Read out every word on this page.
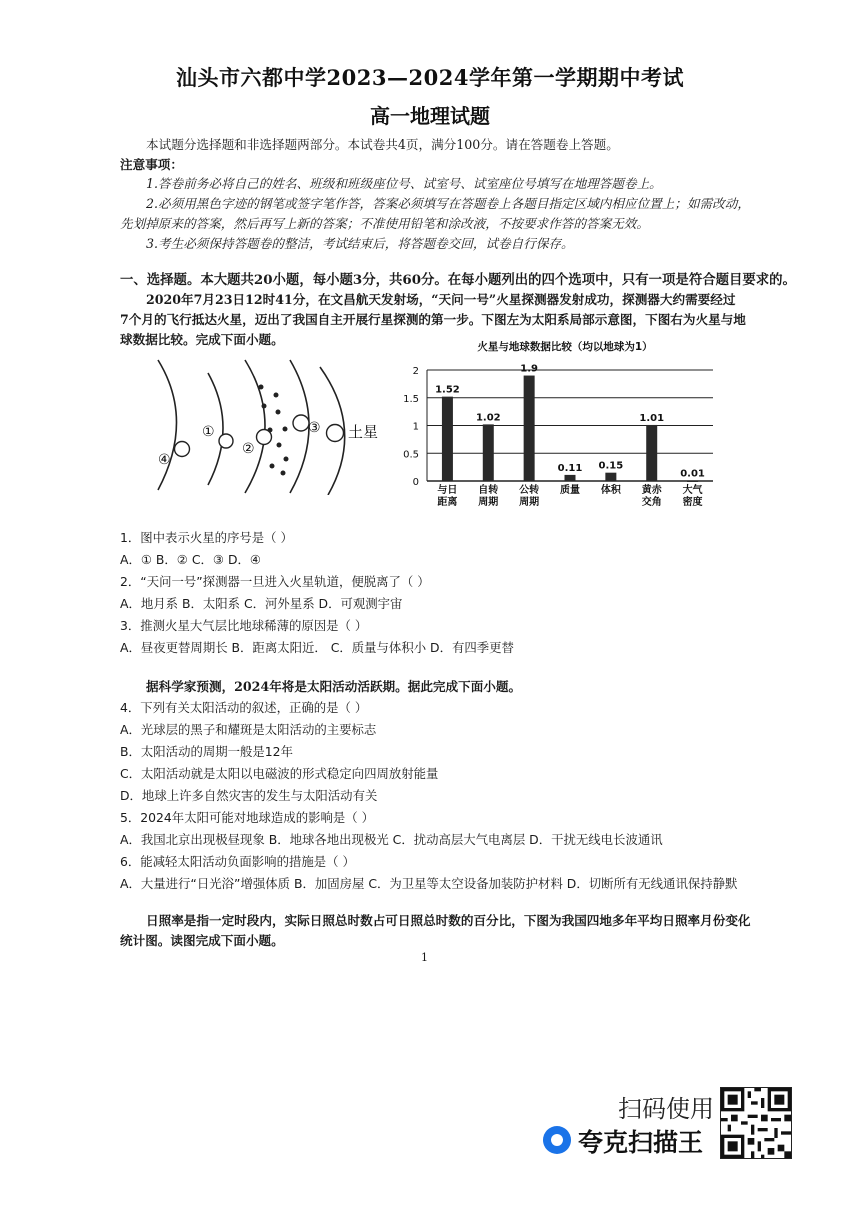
汕头市六都中学2023—2024学年第一学期期中考试
高一地理试题
本试题分选择题和非选择题两部分。本试卷共4页，满分100分。请在答题卷上答题。
注意事项：
1.答卷前务必将自己的姓名、班级和班级座位号、试室号、试室座位号填写在地理答题卷上。
2.必须用黑色字迹的钢笔或签字笔作答，答案必须填写在答题卷上各题目指定区域内相应位置上；如需改动，
先划掉原来的答案，然后再写上新的答案；不准使用铅笔和涂改液，不按要求作答的答案无效。
3.考生必须保持答题卷的整洁，考试结束后，将答题卷交回，试卷自行保存。
一、选择题。本大题共20小题，每小题3分，共60分。在每小题列出的四个选项中，只有一项是符合题目要求的。
2020年7月23日12时41分，在文昌航天发射场，“天问一号”火星探测器发射成功，探测器大约需要经过
7个月的飞行抵达火星，迈出了我国自主开展行星探测的第一步。下图左为太阳系局部示意图，下图右为火星与地
球数据比较。完成下面小题。
①
②
③
④
土星
火星与地球数据比较（均以地球为1）
0
0.5
1
1.5
2
1.52
1.02
1.9
0.11 0.15
1.01
0.01
与日
距离
自转
周期
公转
周期
质量 体积 黄赤
交角
大气
密度
1．图中表示火星的序号是（ ）
A．① B．② C．③ D．④
2．“天问一号”探测器一旦进入火星轨道，便脱离了（ ）
A．地月系 B．太阳系 C．河外星系 D．可观测宇宙
3．推测火星大气层比地球稀薄的原因是（ ）
A．昼夜更替周期长 B．距离太阳近． C．质量与体积小 D．有四季更替
据科学家预测，2024年将是太阳活动活跃期。据此完成下面小题。
4．下列有关太阳活动的叙述，正确的是（ ）
A．光球层的黑子和耀斑是太阳活动的主要标志
B．太阳活动的周期一般是12年
C．太阳活动就是太阳以电磁波的形式稳定向四周放射能量
D．地球上许多自然灾害的发生与太阳活动有关
5．2024年太阳可能对地球造成的影响是（ ）
A．我国北京出现极昼现象 B．地球各地出现极光 C．扰动高层大气电离层 D．干扰无线电长波通讯
6．能减轻太阳活动负面影响的措施是（ ）
A．大量进行“日光浴”增强体质 B．加固房屋 C．为卫星等太空设备加装防护材料 D．切断所有无线通讯保持静默
日照率是指一定时段内，实际日照总时数占可日照总时数的百分比，下图为我国四地多年平均日照率月份变化
统计图。读图完成下面小题。
1
扫码使用
夸克扫描王
